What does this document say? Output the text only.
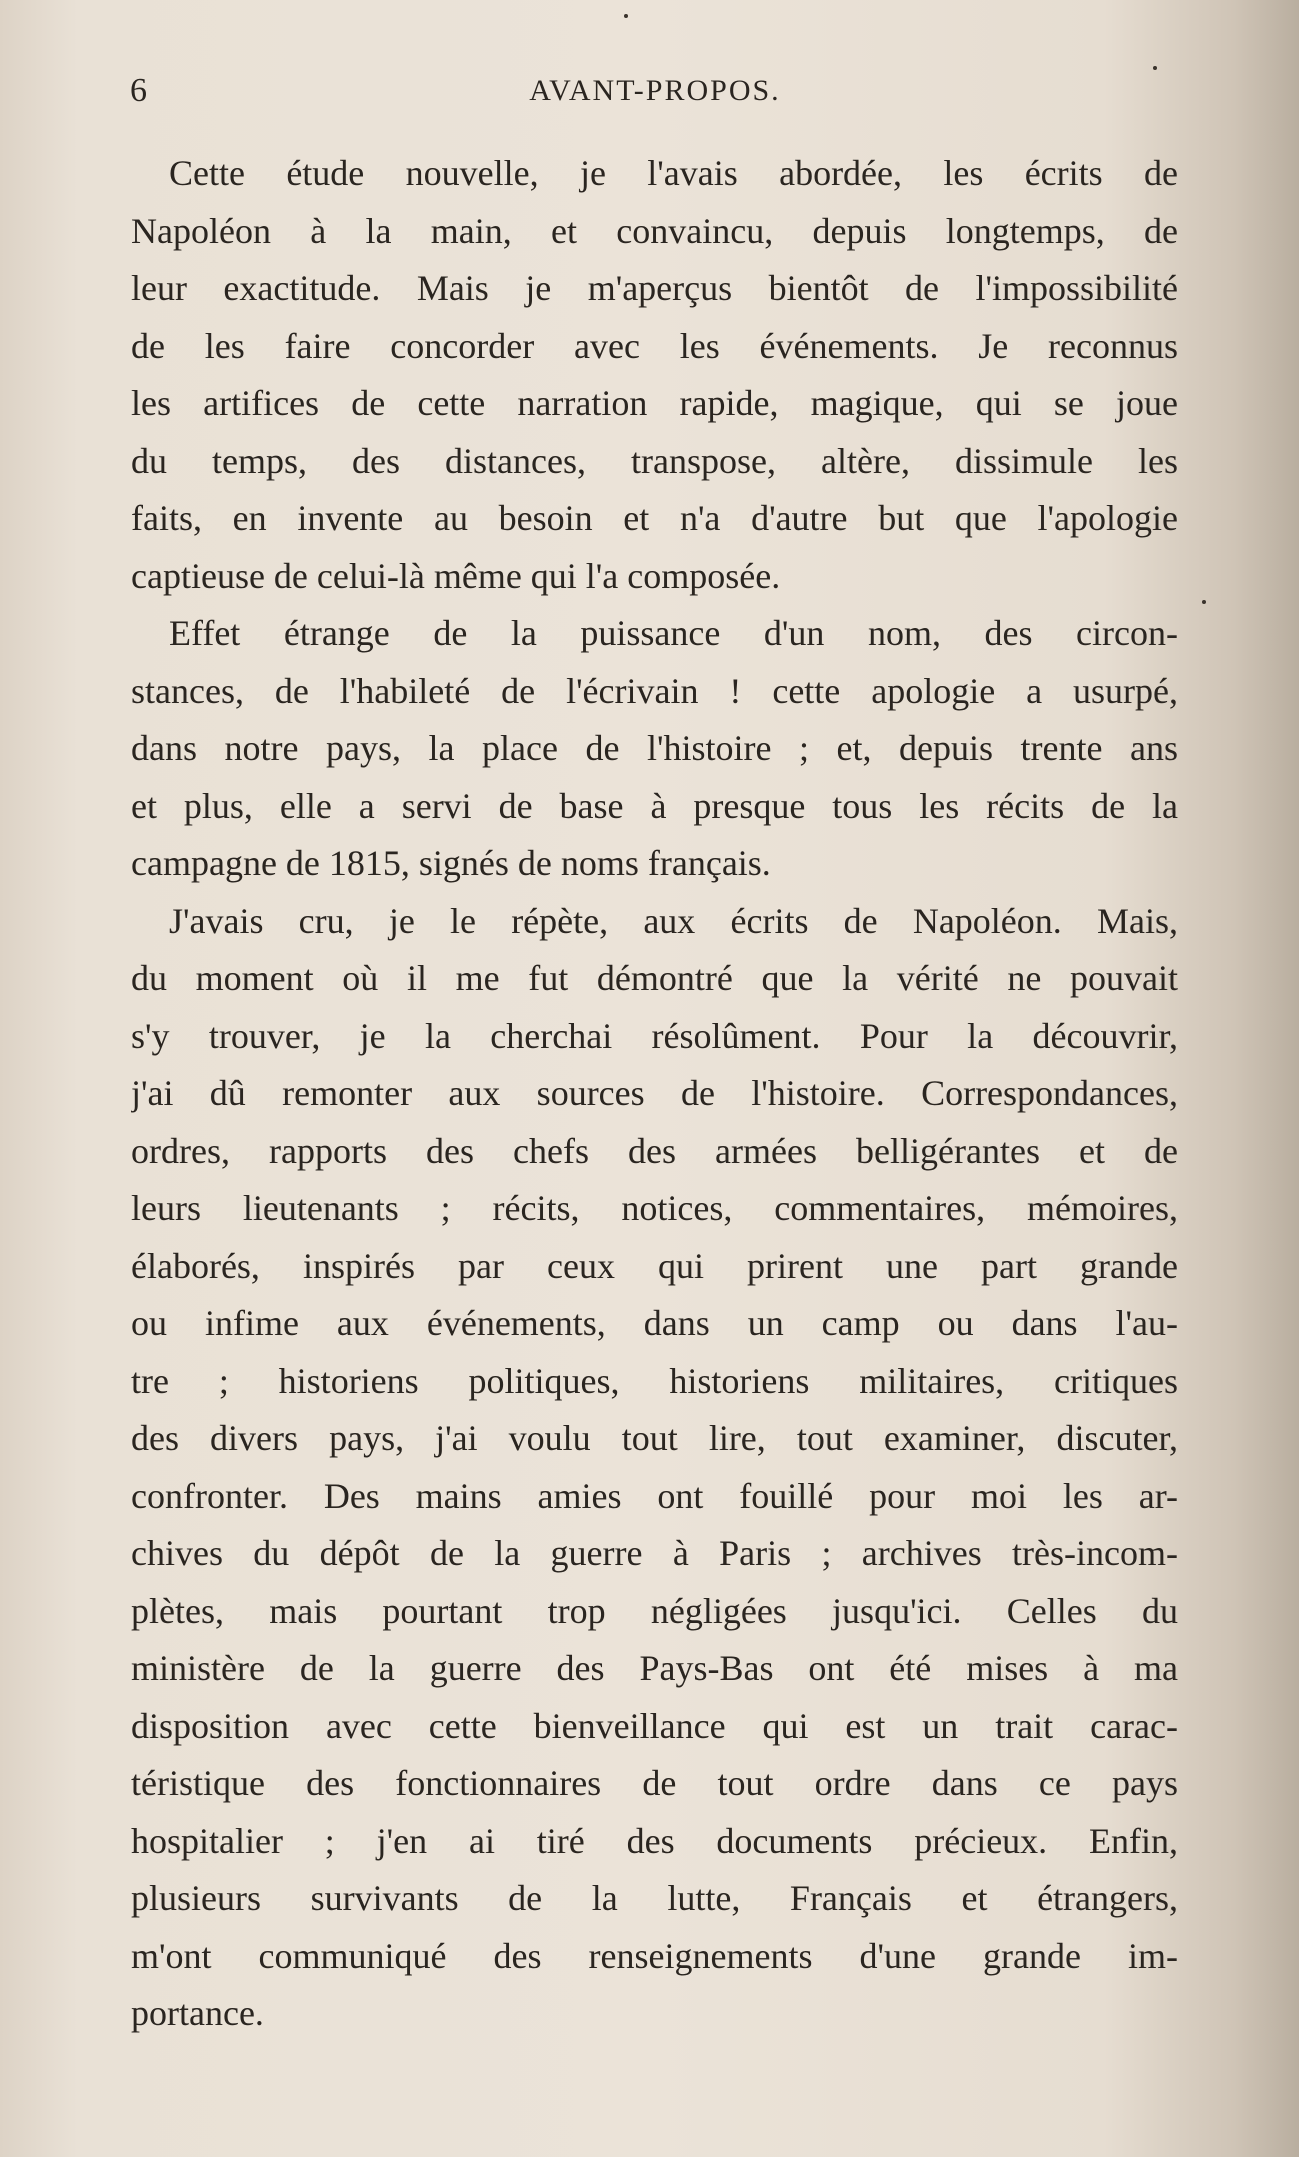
6	AVANT-PROPOS.
Cette étude nouvelle, je l'avais abordée, les écrits de
Napoléon à la main, et convaincu, depuis longtemps, de
leur exactitude. Mais je m'aperçus bientôt de l'impossibilité
de les faire concorder avec les événements. Je reconnus
les artifices de cette narration rapide, magique, qui se joue
du temps, des distances, transpose, altère, dissimule les
faits, en invente au besoin et n'a d'autre but que l'apologie
captieuse de celui-là même qui l'a composée.
Effet étrange de la puissance d'un nom, des circon-
stances, de l'habileté de l'écrivain ! cette apologie a usurpé,
dans notre pays, la place de l'histoire ; et, depuis trente ans
et plus, elle a servi de base à presque tous les récits de la
campagne de 1815, signés de noms français.
J'avais cru, je le répète, aux écrits de Napoléon. Mais,
du moment où il me fut démontré que la vérité ne pouvait
s'y trouver, je la cherchai résolûment. Pour la découvrir,
j'ai dû remonter aux sources de l'histoire. Correspondances,
ordres, rapports des chefs des armées belligérantes et de
leurs lieutenants ; récits, notices, commentaires, mémoires,
élaborés, inspirés par ceux qui prirent une part grande
ou infime aux événements, dans un camp ou dans l'au-
tre ; historiens politiques, historiens militaires, critiques
des divers pays, j'ai voulu tout lire, tout examiner, discuter,
confronter. Des mains amies ont fouillé pour moi les ar-
chives du dépôt de la guerre à Paris ; archives très-incom-
plètes, mais pourtant trop négligées jusqu'ici. Celles du
ministère de la guerre des Pays-Bas ont été mises à ma
disposition avec cette bienveillance qui est un trait carac-
téristique des fonctionnaires de tout ordre dans ce pays
hospitalier ; j'en ai tiré des documents précieux. Enfin,
plusieurs survivants de la lutte, Français et étrangers,
m'ont communiqué des renseignements d'une grande im-
portance.
